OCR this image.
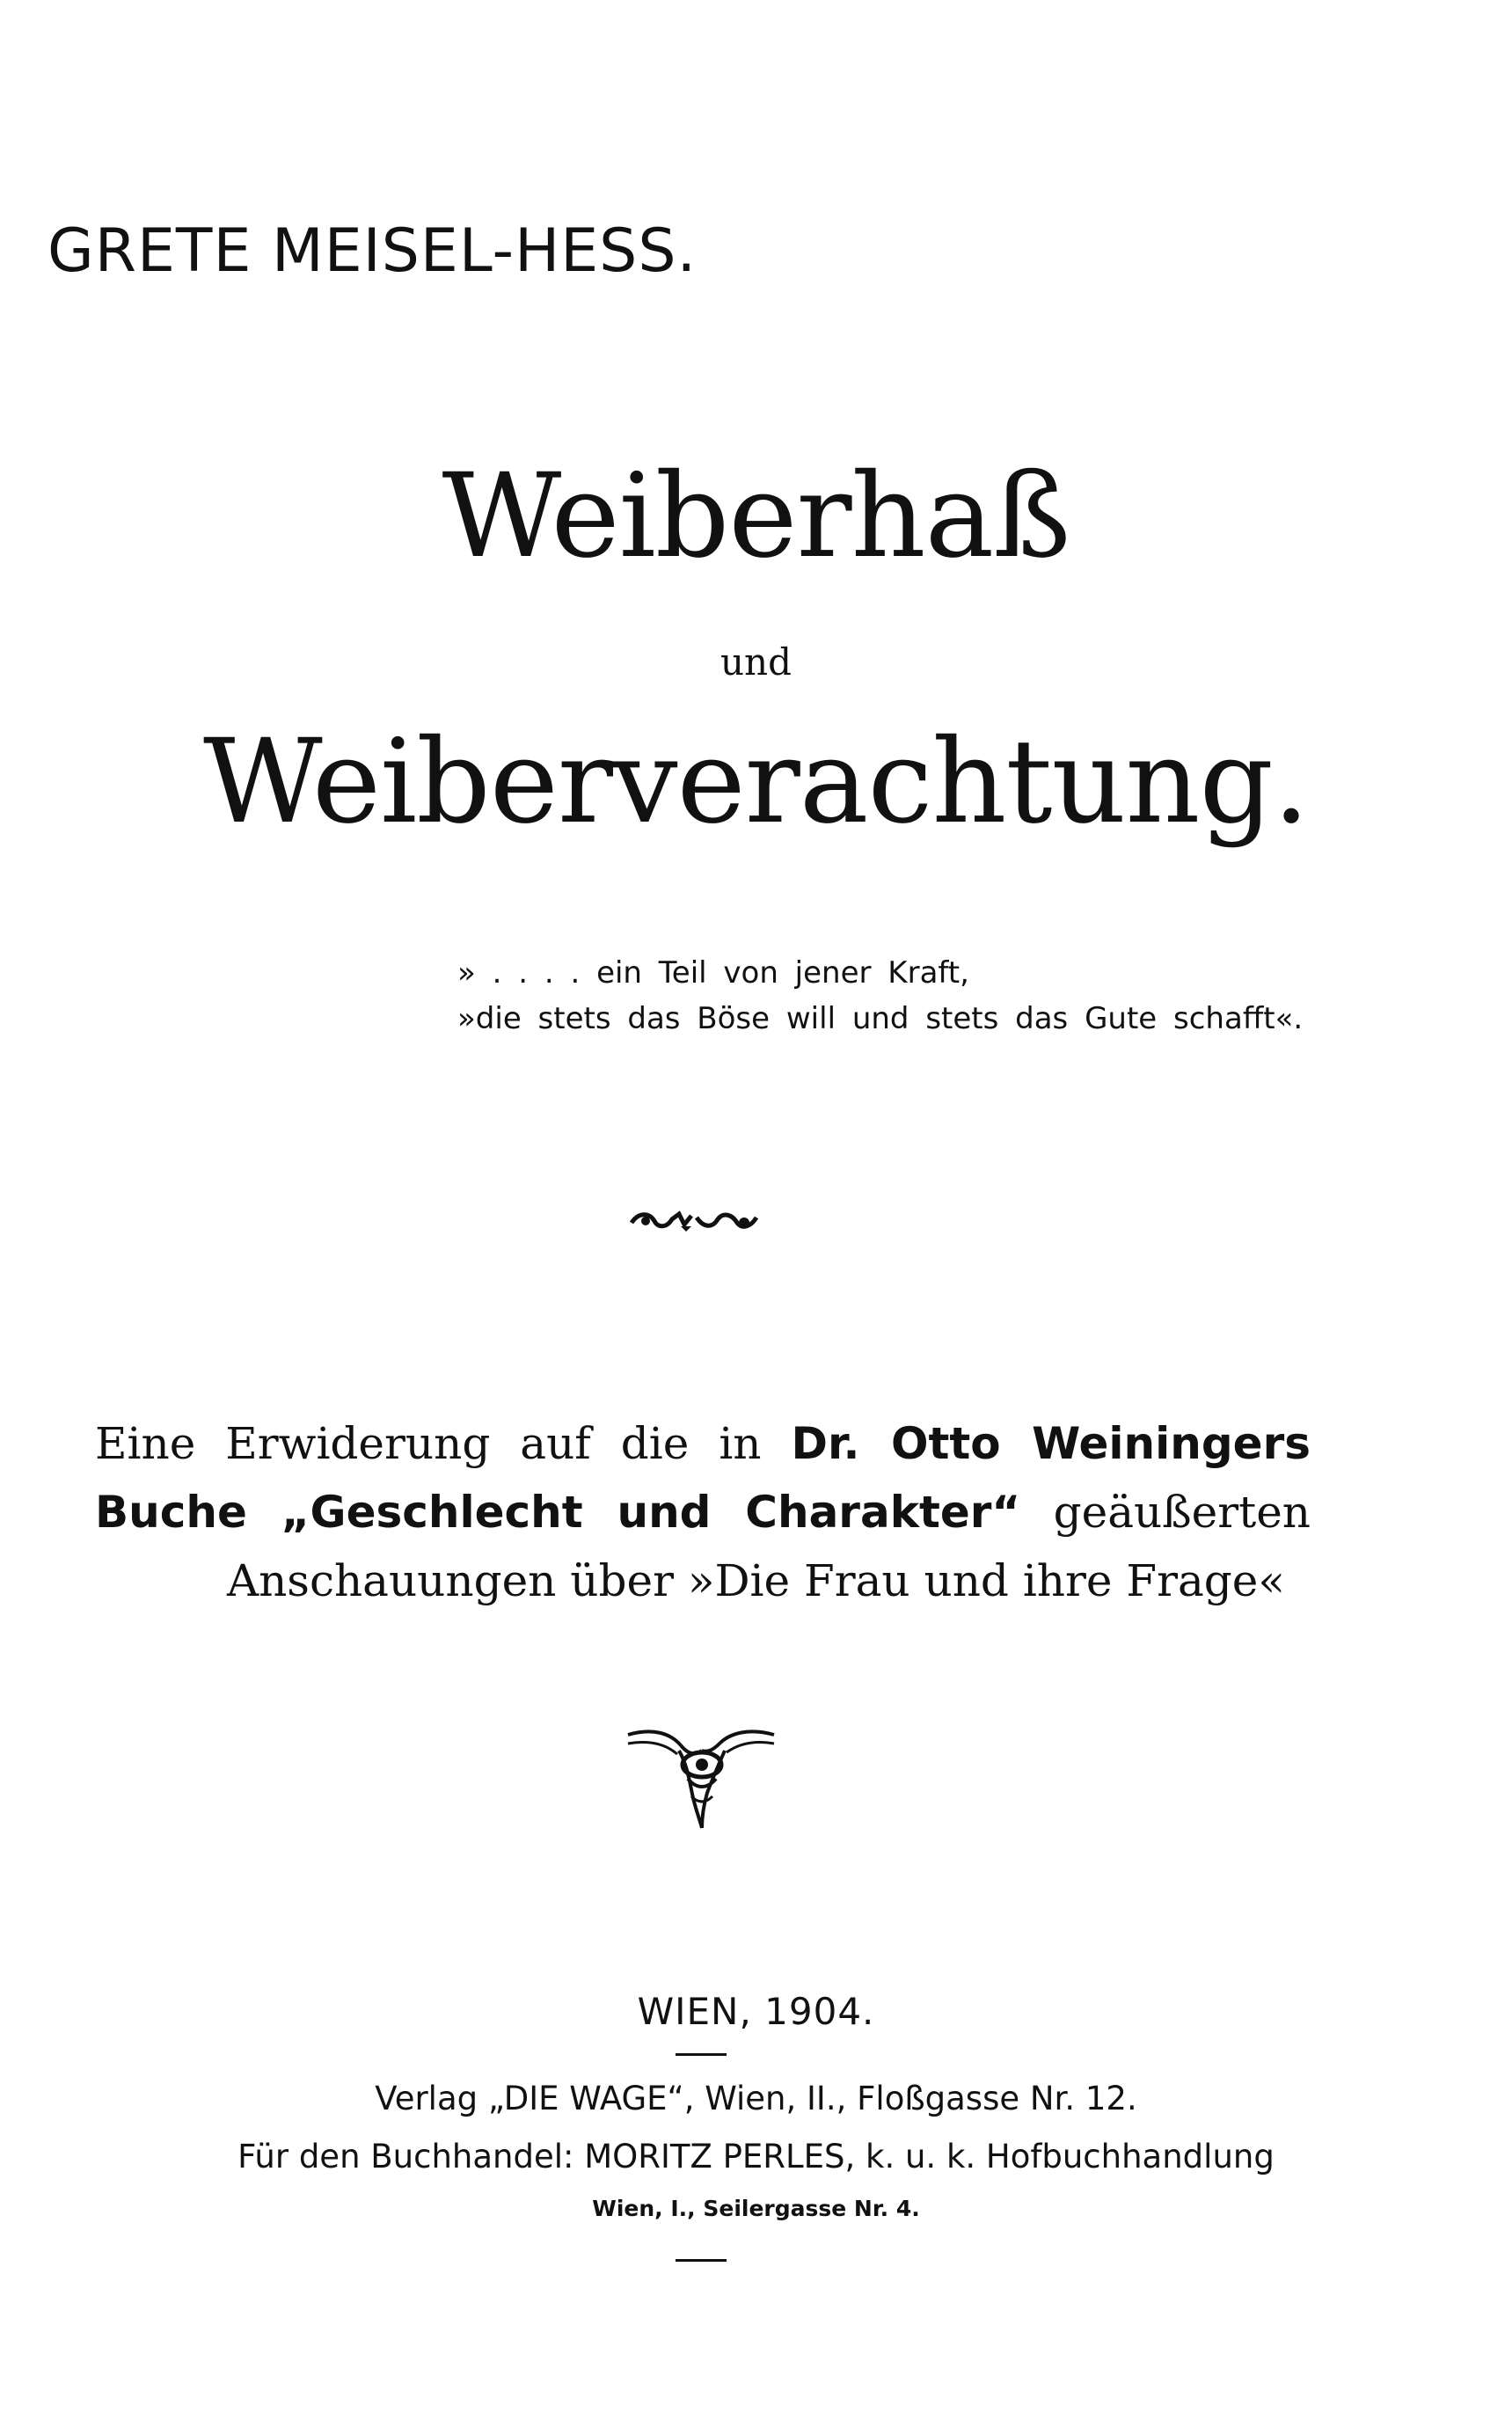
GRETE MEISEL-HESS.
Weiberhaß
und
Weiberverachtung.
» . . . . ein Teil von jener Kraft,
»die stets das Böse will und stets das Gute schafft«.
Eine Erwiderung auf die in Dr. Otto Weiningers
Buche „Geschlecht und Charakter“ geäußerten
Anschauungen über »Die Frau und ihre Frage«
WIEN, 1904.
Verlag „DIE WAGE“, Wien, II., Floßgasse Nr. 12.
Für den Buchhandel: MORITZ PERLES, k. u. k. Hofbuchhandlung
Wien, I., Seilergasse Nr. 4.
